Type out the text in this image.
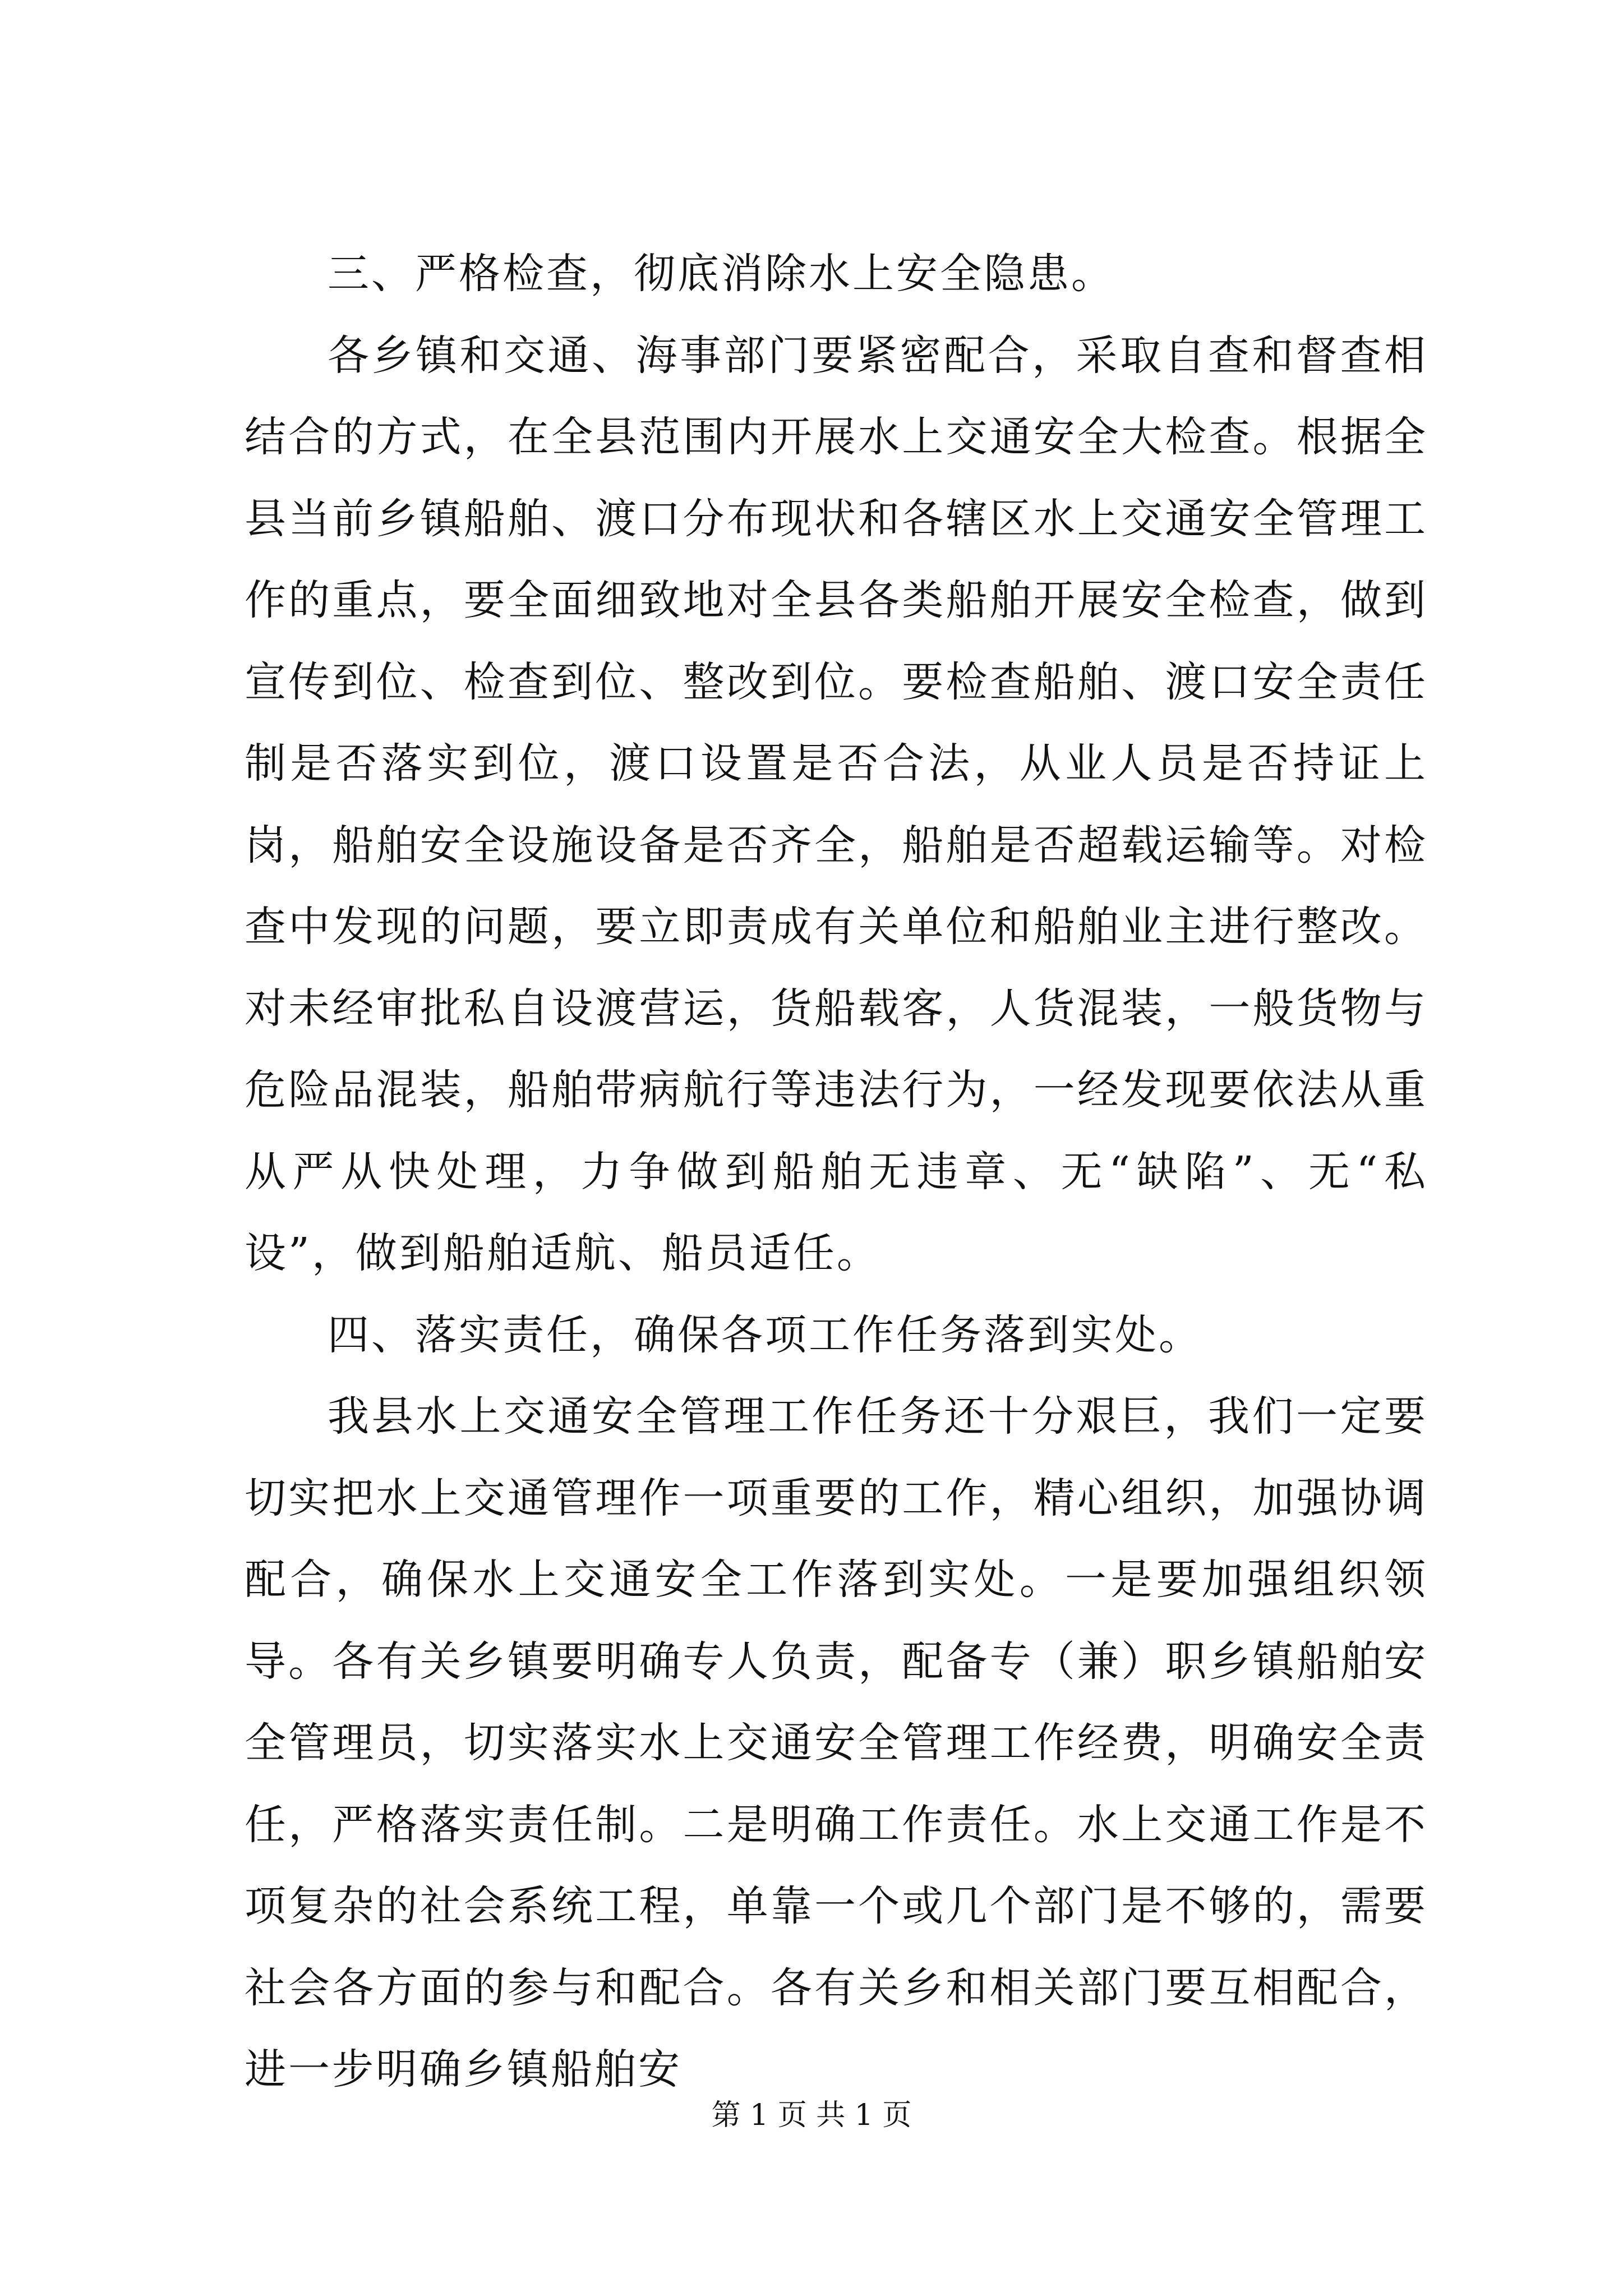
三、严格检查，彻底消除水上安全隐患。

各乡镇和交通、海事部门要紧密配合，采取自查和督查相结合的方式，在全县范围内开展水上交通安全大检查。根据全县当前乡镇船舶、渡口分布现状和各辖区水上交通安全管理工作的重点，要全面细致地对全县各类船舶开展安全检查，做到宣传到位、检查到位、整改到位。要检查船舶、渡口安全责任制是否落实到位，渡口设置是否合法，从业人员是否持证上岗，船舶安全设施设备是否齐全，船舶是否超载运输等。对检查中发现的问题，要立即责成有关单位和船舶业主进行整改。对未经审批私自设渡营运，货船载客，人货混装，一般货物与危险品混装，船舶带病航行等违法行为，一经发现要依法从重从严从快处理，力争做到船舶无违章、无“缺陷”、无“私设”，做到船舶适航、船员适任。

四、落实责任，确保各项工作任务落到实处。

我县水上交通安全管理工作任务还十分艰巨，我们一定要切实把水上交通管理作一项重要的工作，精心组织，加强协调配合，确保水上交通安全工作落到实处。一是要加强组织领导。各有关乡镇要明确专人负责，配备专（兼）职乡镇船舶安全管理员，切实落实水上交通安全管理工作经费，明确安全责任，严格落实责任制。二是明确工作责任。水上交通工作是不项复杂的社会系统工程，单靠一个或几个部门是不够的，需要社会各方面的参与和配合。各有关乡和相关部门要互相配合，进一步明确乡镇船舶安

第 1 页 共 1 页
